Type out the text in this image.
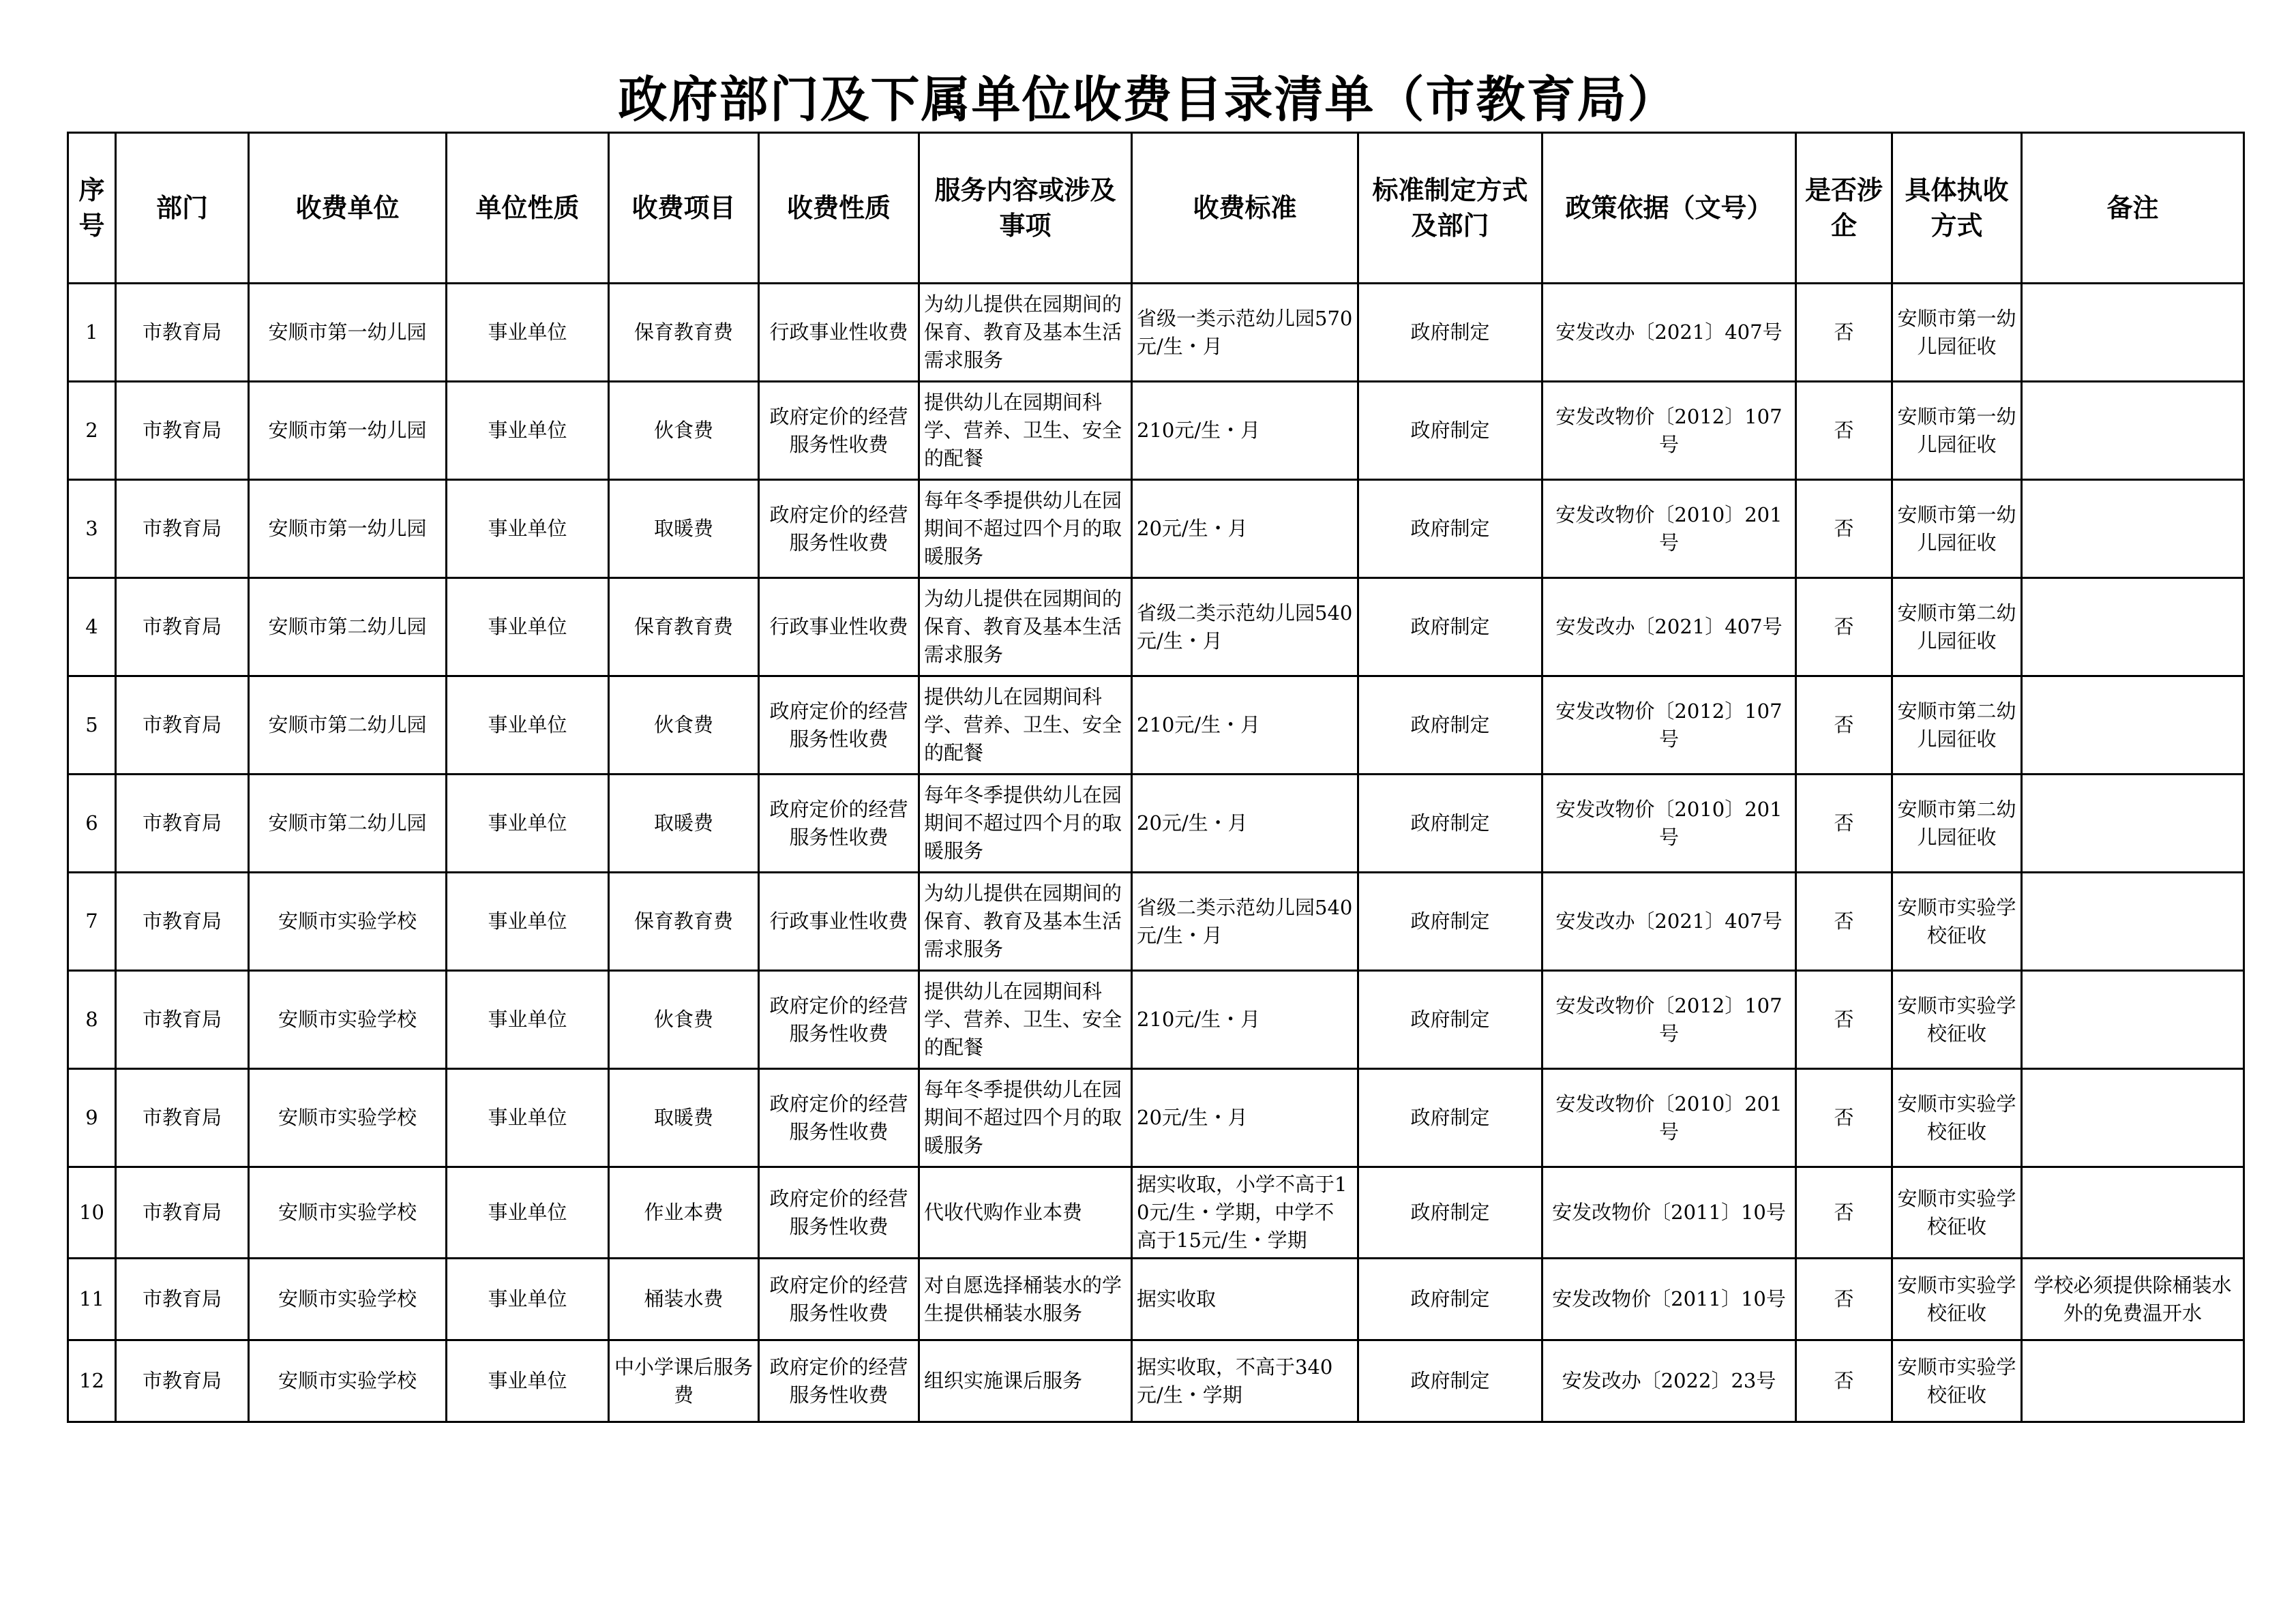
政府部门及下属单位收费目录清单（市教育局）
序号	部门	收费单位	单位性质	收费项目	收费性质	服务内容或涉及事项	收费标准	标准制定方式及部门	政策依据（文号）	是否涉企	具体执收方式	备注
1	市教育局	安顺市第一幼儿园	事业单位	保育教育费	行政事业性收费	为幼儿提供在园期间的保育、教育及基本生活需求服务	省级一类示范幼儿园570元/生・月	政府制定	安发改办〔2021〕407号	否	安顺市第一幼儿园征收	
2	市教育局	安顺市第一幼儿园	事业单位	伙食费	政府定价的经营服务性收费	提供幼儿在园期间科学、营养、卫生、安全的配餐	210元/生・月	政府制定	安发改物价〔2012〕107号	否	安顺市第一幼儿园征收	
3	市教育局	安顺市第一幼儿园	事业单位	取暖费	政府定价的经营服务性收费	每年冬季提供幼儿在园期间不超过四个月的取暖服务	20元/生・月	政府制定	安发改物价〔2010〕201号	否	安顺市第一幼儿园征收	
4	市教育局	安顺市第二幼儿园	事业单位	保育教育费	行政事业性收费	为幼儿提供在园期间的保育、教育及基本生活需求服务	省级二类示范幼儿园540元/生・月	政府制定	安发改办〔2021〕407号	否	安顺市第二幼儿园征收	
5	市教育局	安顺市第二幼儿园	事业单位	伙食费	政府定价的经营服务性收费	提供幼儿在园期间科学、营养、卫生、安全的配餐	210元/生・月	政府制定	安发改物价〔2012〕107号	否	安顺市第二幼儿园征收	
6	市教育局	安顺市第二幼儿园	事业单位	取暖费	政府定价的经营服务性收费	每年冬季提供幼儿在园期间不超过四个月的取暖服务	20元/生・月	政府制定	安发改物价〔2010〕201号	否	安顺市第二幼儿园征收	
7	市教育局	安顺市实验学校	事业单位	保育教育费	行政事业性收费	为幼儿提供在园期间的保育、教育及基本生活需求服务	省级二类示范幼儿园540元/生・月	政府制定	安发改办〔2021〕407号	否	安顺市实验学校征收	
8	市教育局	安顺市实验学校	事业单位	伙食费	政府定价的经营服务性收费	提供幼儿在园期间科学、营养、卫生、安全的配餐	210元/生・月	政府制定	安发改物价〔2012〕107号	否	安顺市实验学校征收	
9	市教育局	安顺市实验学校	事业单位	取暖费	政府定价的经营服务性收费	每年冬季提供幼儿在园期间不超过四个月的取暖服务	20元/生・月	政府制定	安发改物价〔2010〕201号	否	安顺市实验学校征收	
10	市教育局	安顺市实验学校	事业单位	作业本费	政府定价的经营服务性收费	代收代购作业本费	据实收取，小学不高于10元/生・学期，中学不高于15元/生・学期	政府制定	安发改物价〔2011〕10号	否	安顺市实验学校征收	
11	市教育局	安顺市实验学校	事业单位	桶装水费	政府定价的经营服务性收费	对自愿选择桶装水的学生提供桶装水服务	据实收取	政府制定	安发改物价〔2011〕10号	否	安顺市实验学校征收	学校必须提供除桶装水外的免费温开水
12	市教育局	安顺市实验学校	事业单位	中小学课后服务费	政府定价的经营服务性收费	组织实施课后服务	据实收取，不高于340元/生・学期	政府制定	安发改办〔2022〕23号	否	安顺市实验学校征收	
